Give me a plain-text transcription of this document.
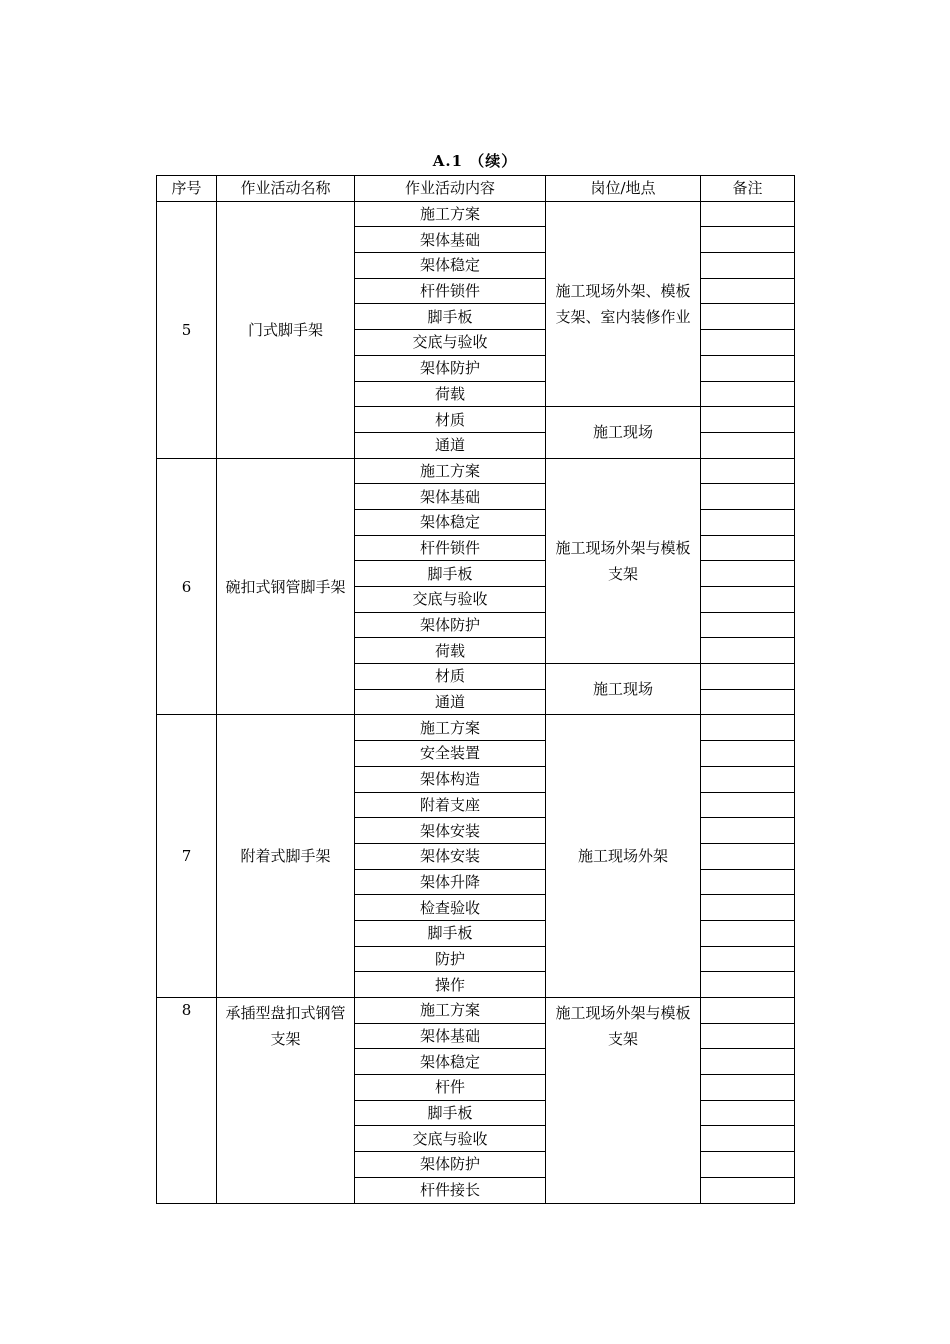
A.1 （续）
序号	作业活动名称	作业活动内容	岗位/地点	备注
5	门式脚手架	施工方案	施工现场外架、模板支架、室内装修作业	
		架体基础		
		架体稳定		
		杆件锁件		
		脚手板		
		交底与验收		
		架体防护		
		荷载		
		材质	施工现场	
		通道		
6	碗扣式钢管脚手架	施工方案	施工现场外架与模板支架	
		架体基础		
		架体稳定		
		杆件锁件		
		脚手板		
		交底与验收		
		架体防护		
		荷载		
		材质	施工现场	
		通道		
7	附着式脚手架	施工方案	施工现场外架	
		安全装置		
		架体构造		
		附着支座		
		架体安装		
		架体安装		
		架体升降		
		检查验收		
		脚手板		
		防护		
		操作		
8	承插型盘扣式钢管支架	施工方案	施工现场外架与模板支架	
		架体基础		
		架体稳定		
		杆件		
		脚手板		
		交底与验收		
		架体防护		
		杆件接长		
